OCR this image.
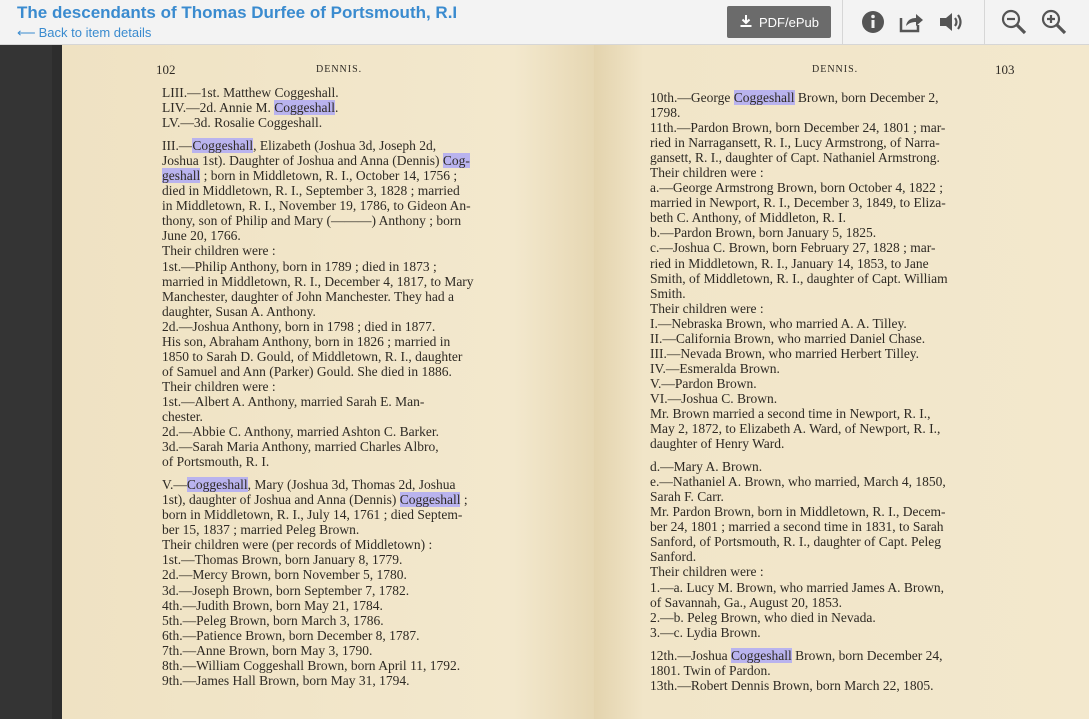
The descendants of Thomas Durfee of Portsmouth, R.I
⟵ Back to item details
PDF/ePub
102	DENNIS.
LIII.—1st. Matthew Coggeshall.
LIV.—2d. Annie M. Coggeshall.
LV.—3d. Rosalie Coggeshall.
III.—Coggeshall, Elizabeth (Joshua 3d, Joseph 2d,
Joshua 1st). Daughter of Joshua and Anna (Dennis) Cog-
geshall ; born in Middletown, R. I., October 14, 1756 ;
died in Middletown, R. I., September 3, 1828 ; married
in Middletown, R. I., November 19, 1786, to Gideon An-
thony, son of Philip and Mary (———) Anthony ; born
June 20, 1766.
Their children were :
1st.—Philip Anthony, born in 1789 ; died in 1873 ;
married in Middletown, R. I., December 4, 1817, to Mary
Manchester, daughter of John Manchester. They had a
daughter, Susan A. Anthony.
2d.—Joshua Anthony, born in 1798 ; died in 1877.
His son, Abraham Anthony, born in 1826 ; married in
1850 to Sarah D. Gould, of Middletown, R. I., daughter
of Samuel and Ann (Parker) Gould. She died in 1886.
Their children were :
1st.—Albert A. Anthony, married Sarah E. Man-
chester.
2d.—Abbie C. Anthony, married Ashton C. Barker.
3d.—Sarah Maria Anthony, married Charles Albro,
of Portsmouth, R. I.
V.—Coggeshall, Mary (Joshua 3d, Thomas 2d, Joshua
1st), daughter of Joshua and Anna (Dennis) Coggeshall ;
born in Middletown, R. I., July 14, 1761 ; died Septem-
ber 15, 1837 ; married Peleg Brown.
Their children were (per records of Middletown) :
1st.—Thomas Brown, born January 8, 1779.
2d.—Mercy Brown, born November 5, 1780.
3d.—Joseph Brown, born September 7, 1782.
4th.—Judith Brown, born May 21, 1784.
5th.—Peleg Brown, born March 3, 1786.
6th.—Patience Brown, born December 8, 1787.
7th.—Anne Brown, born May 3, 1790.
8th.—William Coggeshall Brown, born April 11, 1792.
9th.—James Hall Brown, born May 31, 1794.
103
DENNIS.
10th.—George Coggeshall Brown, born December 2,
1798.
11th.—Pardon Brown, born December 24, 1801 ; mar-
ried in Narragansett, R. I., Lucy Armstrong, of Narra-
gansett, R. I., daughter of Capt. Nathaniel Armstrong.
Their children were :
a.—George Armstrong Brown, born October 4, 1822 ;
married in Newport, R. I., December 3, 1849, to Eliza-
beth C. Anthony, of Middleton, R. I.
b.—Pardon Brown, born January 5, 1825.
c.—Joshua C. Brown, born February 27, 1828 ; mar-
ried in Middletown, R. I., January 14, 1853, to Jane
Smith, of Middletown, R. I., daughter of Capt. William
Smith.
Their children were :
I.—Nebraska Brown, who married A. A. Tilley.
II.—California Brown, who married Daniel Chase.
III.—Nevada Brown, who married Herbert Tilley.
IV.—Esmeralda Brown.
V.—Pardon Brown.
VI.—Joshua C. Brown.
Mr. Brown married a second time in Newport, R. I.,
May 2, 1872, to Elizabeth A. Ward, of Newport, R. I.,
daughter of Henry Ward.
d.—Mary A. Brown.
e.—Nathaniel A. Brown, who married, March 4, 1850,
Sarah F. Carr.
Mr. Pardon Brown, born in Middletown, R. I., Decem-
ber 24, 1801 ; married a second time in 1831, to Sarah
Sanford, of Portsmouth, R. I., daughter of Capt. Peleg
Sanford.
Their children were :
1.—a. Lucy M. Brown, who married James A. Brown,
of Savannah, Ga., August 20, 1853.
2.—b. Peleg Brown, who died in Nevada.
3.—c. Lydia Brown.
12th.—Joshua Coggeshall Brown, born December 24,
1801. Twin of Pardon.
13th.—Robert Dennis Brown, born March 22, 1805.
